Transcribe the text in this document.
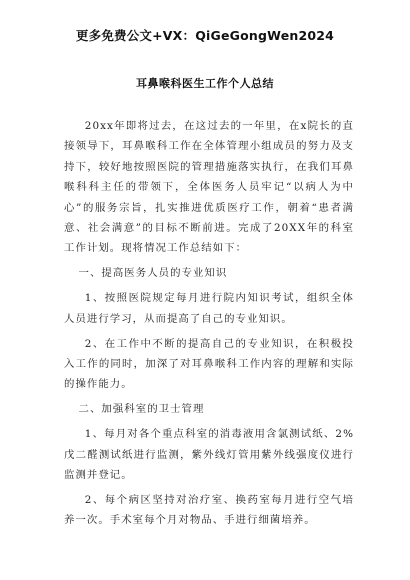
更多免费公文+VX：QiGeGongWen2024
耳鼻喉科医生工作个人总结

20xx年即将过去，在这过去的一年里，在x院长的直接领导下，耳鼻喉科工作在全体管理小组成员的努力及支持下，较好地按照医院的管理措施落实执行，在我们耳鼻喉科科主任的带领下，全体医务人员牢记“以病人为中心”的服务宗旨，扎实推进优质医疗工作，朝着“患者满意、社会满意”的目标不断前进。完成了20XX年的科室工作计划。现将情况工作总结如下：

一、提高医务人员的专业知识

1、按照医院规定每月进行院内知识考试，组织全体人员进行学习，从而提高了自己的专业知识。

2、在工作中不断的提高自己的专业知识，在积极投入工作的同时，加深了对耳鼻喉科工作内容的理解和实际的操作能力。

二、加强科室的卫士管理

1、每月对各个重点科室的消毒液用含氯测试纸、2%戊二醛测试纸进行监测，紫外线灯管用紫外线强度仪进行监测并登记。

2、每个病区坚持对治疗室、换药室每月进行空气培养一次。手术室每个月对物品、手进行细菌培养。
